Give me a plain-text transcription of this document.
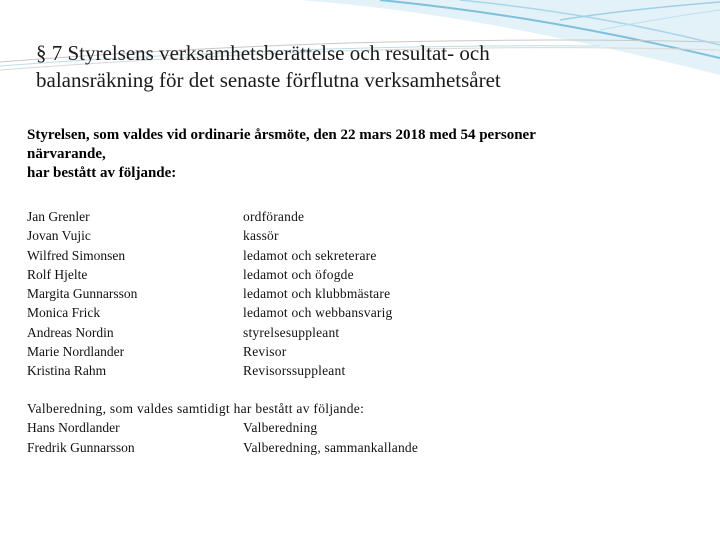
§ 7 Styrelsens verksamhetsberättelse och resultat- och
balansräkning för det senaste förflutna verksamhetsåret
Styrelsen, som valdes vid ordinarie årsmöte, den 22 mars 2018 med 54 personer
närvarande,
har bestått av följande:
Jan Grenler	ordförande
Jovan Vujic	kassör
Wilfred Simonsen	ledamot och sekreterare
Rolf Hjelte	ledamot och öfogde
Margita Gunnarsson	ledamot och klubbmästare
Monica Frick	ledamot och webbansvarig
Andreas Nordin	styrelsesuppleant
Marie Nordlander	Revisor
Kristina Rahm	Revisorssuppleant
Valberedning, som valdes samtidigt har bestått av följande:
Hans Nordlander	Valberedning
Fredrik Gunnarsson	Valberedning, sammankallande
